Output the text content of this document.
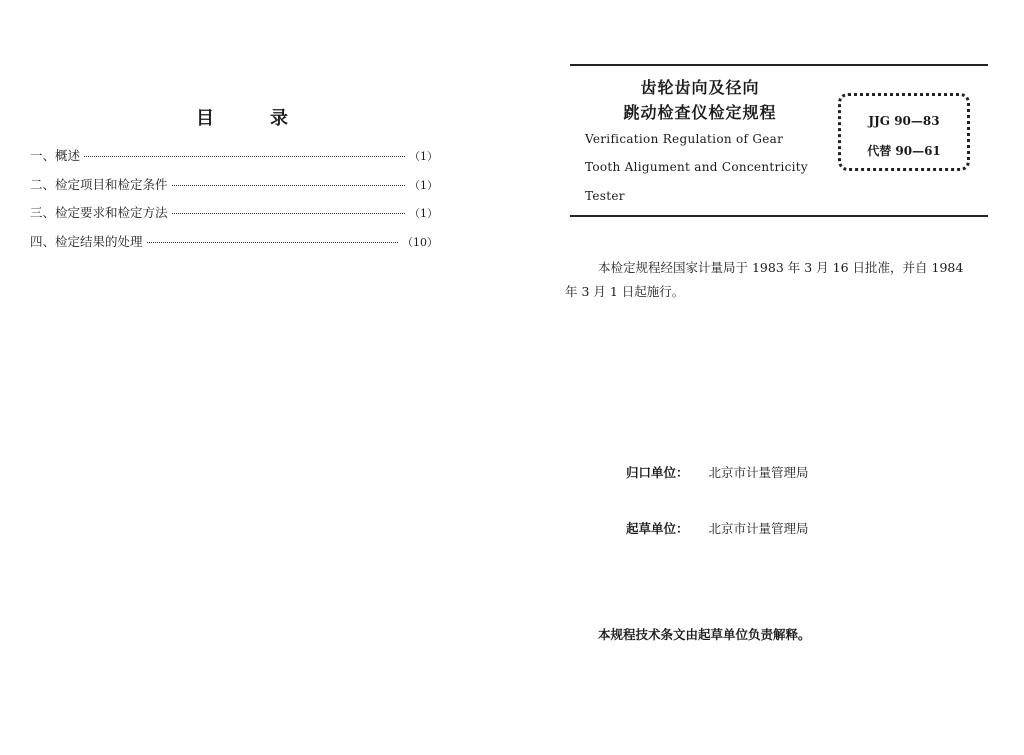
目	录
一、概述	（1）
二、检定项目和检定条件	（1）
三、检定要求和检定方法	（1）
四、检定结果的处理	（10）
齿轮齿向及径向
跳动检查仪检定规程
Verification Regulation of Gear
Tooth Aligument and Concentricity
Tester
JJG 90—83
代替 90—61
本检定规程经国家计量局于 1983 年 3 月 16 日批准，并自 1984
年 3 月 1 日起施行。
归口单位： 北京市计量管理局
起草单位： 北京市计量管理局
本规程技术条文由起草单位负责解释。
